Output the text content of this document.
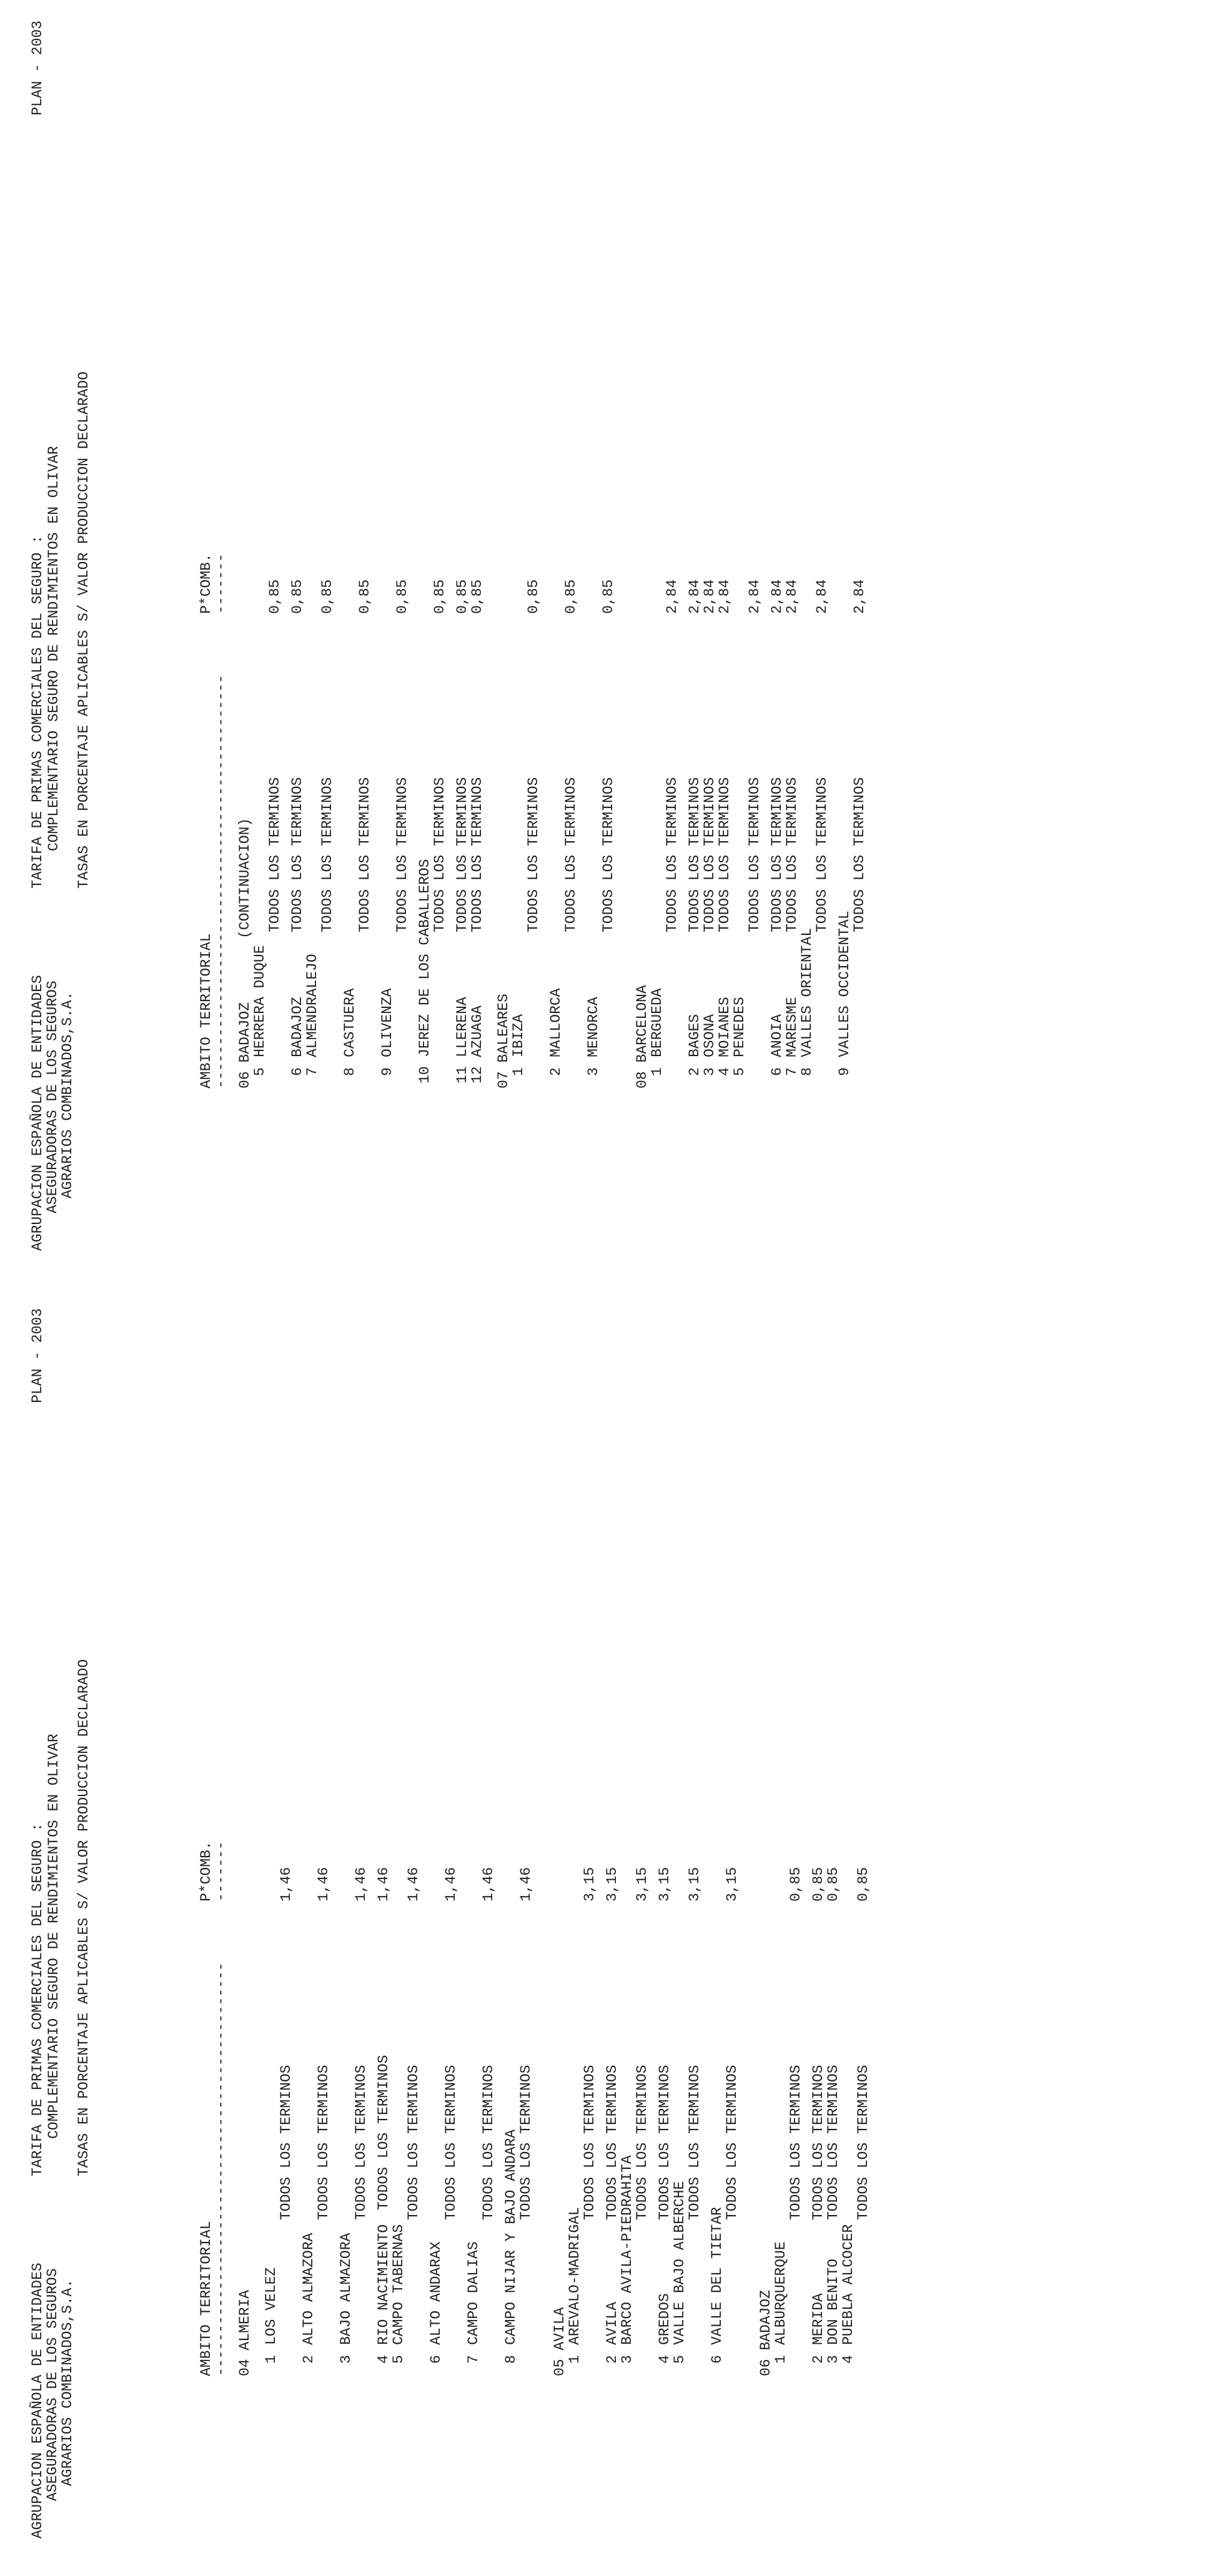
AGRUPACION ESPAÑOLA DE ENTIDADES
ASEGURADORAS DE LOS SEGUROS
AGRARIOS COMBINADOS,S.A.
TARIFA DE PRIMAS COMERCIALES DEL SEGURO : COMPLEMENTARIO SEGURO DE RENDIMIENTOS EN OLIVAR TASAS EN PORCENTAJE APLICABLES S/ VALOR PRODUCCION DECLARADO
PLAN - 2003
AMBITO TERRITORIAL
P*COMB.
------------------------------------------------
-------
04 ALMERIA 1
LOS VELEZ
TODOS LOS TERMINOS
1,46
2
ALTO ALMAZORA
TODOS LOS TERMINOS
1,46
3
BAJO ALMAZORA
TODOS LOS TERMINOS
1,46
4
RIO NACIMIENTO
TODOS LOS TERMINOS
1,46
5
CAMPO TABERNAS
TODOS LOS TERMINOS
1,46
6
ALTO ANDARAX
TODOS LOS TERMINOS
1,46
7
CAMPO DALIAS
TODOS LOS TERMINOS
1,46
8
CAMPO NIJAR Y BAJO ANDARA
TODOS LOS TERMINOS
1,46
05 AVILA
1
AREVALO-MADRIGAL
TODOS LOS TERMINOS
3,15
2
AVILA
TODOS LOS TERMINOS
3,15
3
BARCO AVILA-PIEDRAHITA
TODOS LOS TERMINOS
3,15
4
GREDOS
TODOS LOS TERMINOS
3,15
5
VALLE BAJO ALBERCHE
TODOS LOS TERMINOS
3,15
6
VALLE DEL TIETAR
TODOS LOS TERMINOS
3,15
06 BADAJOZ
1
ALBURQUERQUE
TODOS LOS TERMINOS
0,85
2
MERIDA
TODOS LOS TERMINOS
0,85
3
DON BENITO
TODOS LOS TERMINOS
0,85
4
PUEBLA ALCOCER
TODOS LOS TERMINOS
0,85
AGRUPACION ESPAÑOLA DE ENTIDADES
ASEGURADORAS DE LOS SEGUROS
AGRARIOS COMBINADOS,S.A.
TARIFA DE PRIMAS COMERCIALES DEL SEGURO : COMPLEMENTARIO SEGURO DE RENDIMIENTOS EN OLIVAR TASAS EN PORCENTAJE APLICABLES S/ VALOR PRODUCCION DECLARADO
PLAN - 2003
AMBITO TERRITORIAL
P*COMB.
------------------------------------------------
-------
06 BADAJOZ
(CONTINUACION)
5
HERRERA DUQUE
TODOS LOS TERMINOS
0,85
6
BADAJOZ
TODOS LOS TERMINOS
0,85
7
ALMENDRALEJO
TODOS LOS TERMINOS
0,85
8
CASTUERA
TODOS LOS TERMINOS
0,85
9
OLIVENZA
TODOS LOS TERMINOS
0,85
10
JEREZ DE LOS CABALLEROS
TODOS LOS TERMINOS
0,85
11
LLERENA
TODOS LOS TERMINOS
0,85
12
AZUAGA
TODOS LOS TERMINOS
0,85
07 BALEARES
1
IBIZA
TODOS LOS TERMINOS
0,85
2
MALLORCA
TODOS LOS TERMINOS
0,85
3
MENORCA
TODOS LOS TERMINOS
0,85
08 BARCELONA
1
BERGUEDA
TODOS LOS TERMINOS
2,84
2
BAGES
TODOS LOS TERMINOS
2,84
3
OSONA
TODOS LOS TERMINOS
2,84
4
MOIANES
TODOS LOS TERMINOS
2,84
5
PENEDES
TODOS LOS TERMINOS
2,84
6
ANOIA
TODOS LOS TERMINOS
2,84
7
MARESME
TODOS LOS TERMINOS
2,84
8
VALLES ORIENTAL
TODOS LOS TERMINOS
2,84
9
VALLES OCCIDENTAL
TODOS LOS TERMINOS
2,84
